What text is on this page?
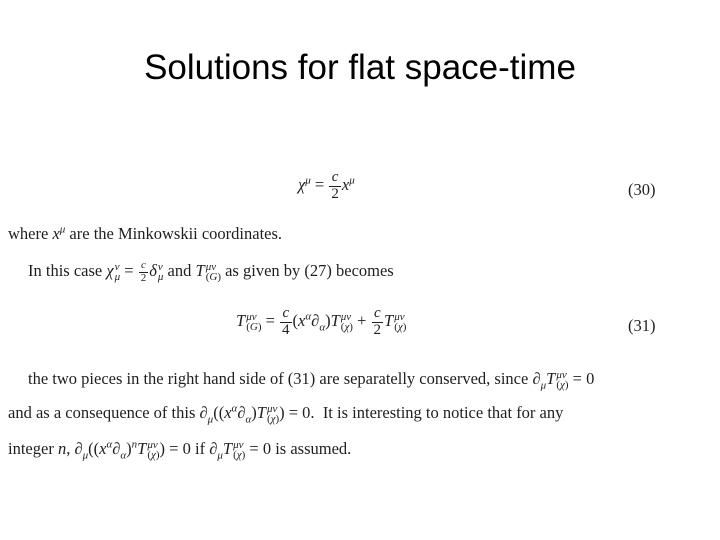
Solutions for flat space-time
$\chi^\mu = \frac{c}{2} x^\mu$	(30)
where $x^\mu$ are the Minkowskii coordinates.
In this case χ ν
$\mu = \frac{c}{2}$ δ ν
μ and T μν
(G) as given by (27) becomes
T μν
$(G) = \frac{c}{4} (x^\alpha\partial_\alpha)T$ μν
$(\chi) + \frac{c}{2}$ T μν
(χ)	(31)
the two pieces in the right hand side of (31) are separatelly conserved, since $\partial_\mu T$ μν
(χ) = 0
and as a consequence of this $\partial_\mu((x^\alpha\partial_\alpha)T$ μν
(χ) ) = 0.  It is interesting to notice that for any
integer n, $\partial_\mu((x^\alpha\partial_\alpha)^nT$ μν
(χ) ) = 0 if $\partial_\mu T$ μν
(χ) = 0 is assumed.
